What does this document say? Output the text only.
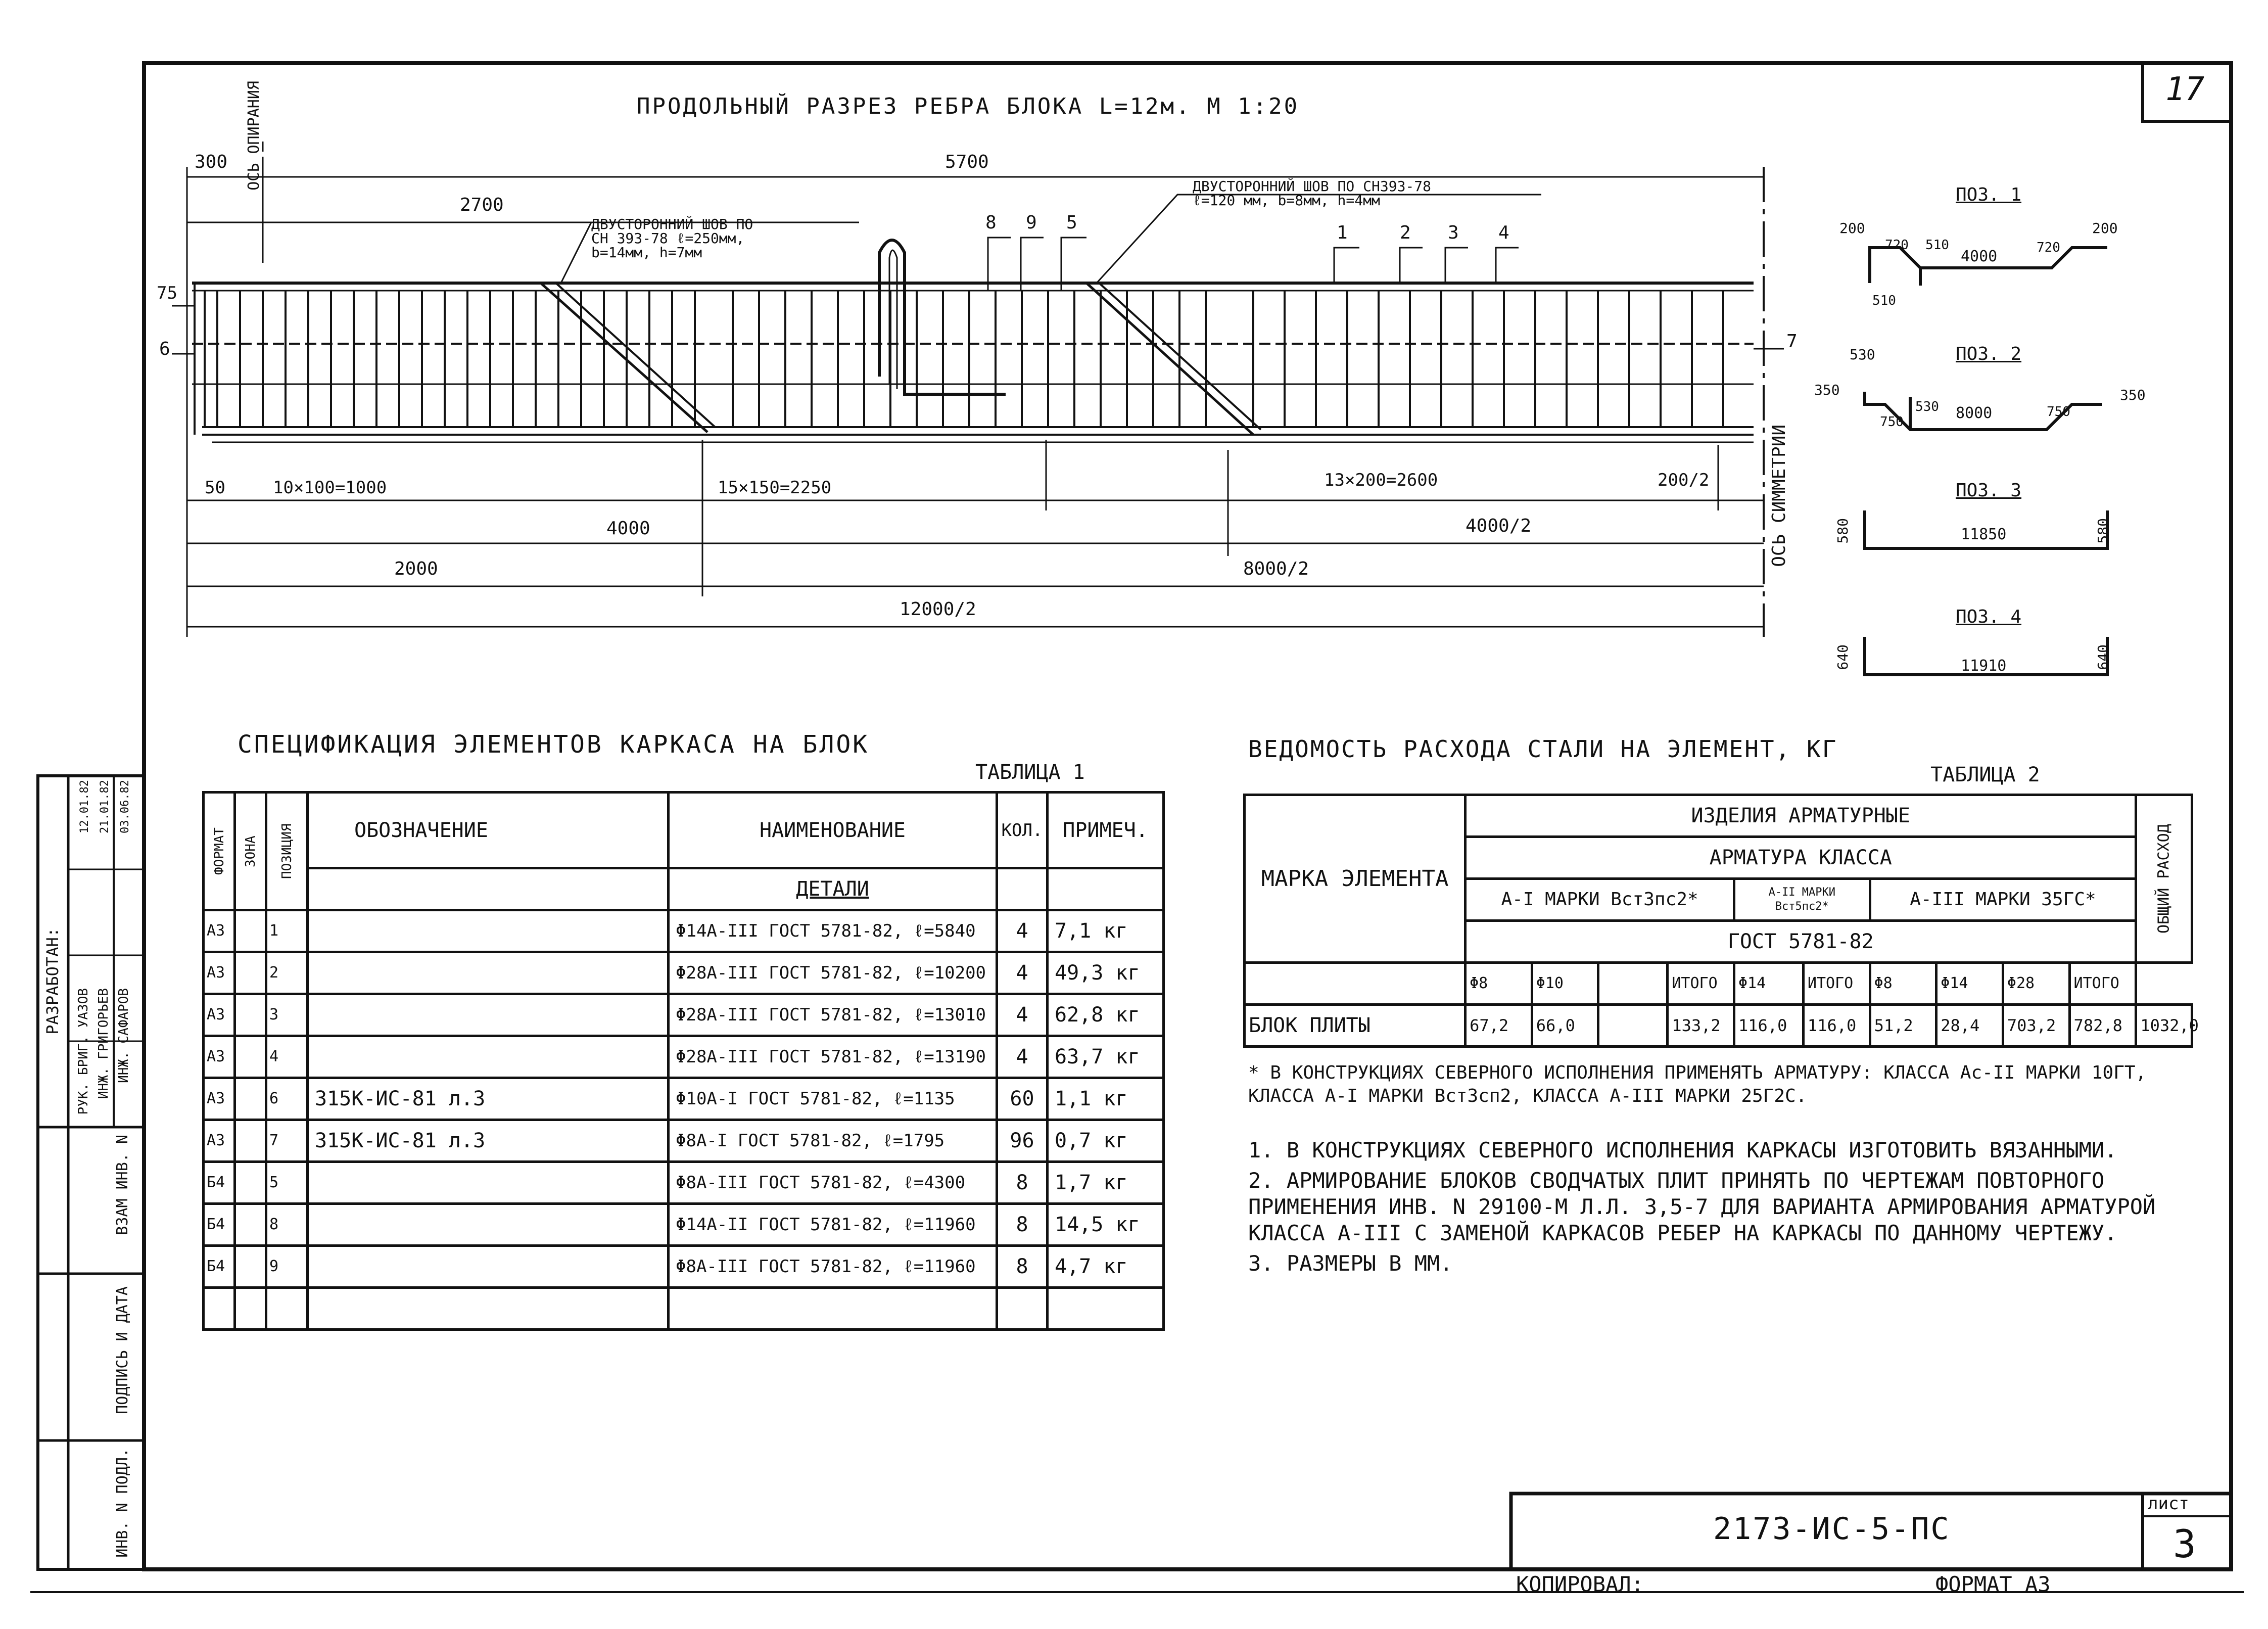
17
2173-ИС-5-ПС
лист
3
КОПИРОВАЛ:	ФОРМАТ А3
РАЗРАБОТАН:
РУК. БРИГ. УАЗОВ ИНЖ. ГРИГОРЬЕВ ИНЖ. САФАРОВ
12.01.82 21.01.82 03.06.82
ВЗАМ ИНВ. N
ПОДПИСЬ И ДАТА
ИНВ. N ПОДЛ.
ПРОДОЛЬНЫЙ РАЗРЕЗ РЕБРА БЛОКА L=12м. М 1:20
ОСЬ ОПИРАНИЯ
ОСЬ СИММЕТРИИ
300	5700
2700
75
6	7
50	10×100=1000	15×150=2250	13×200=2600	200/2
4000	4000/2
2000	8000/2
12000/2
ДВУСТОРОННИЙ ШОВ ПО
СН 393-78 ℓ=250мм,
b=14мм, h=7мм
ДВУСТОРОННИЙ ШОВ ПО СН393-78
ℓ=120 мм, b=8мм, h=4мм
8 9 5	1	2 3 4
ПОЗ. 1
200
720 510
4000	720
200
510
ПОЗ. 2
530
350
750
530 8000	750
350
ПОЗ. 3
580	11850	580
ПОЗ. 4
640	11910	640
СПЕЦИФИКАЦИЯ ЭЛЕМЕНТОВ КАРКАСА НА БЛОК
ТАБЛИЦА 1
ФОРМАТ	ЗОНА	ПОЗИЦИЯ	ОБОЗНАЧЕНИЕ	НАИМЕНОВАНИЕ	КОЛ.	ПРИМЕЧ.
				ДЕТАЛИ		
А3		1		Φ14А-III ГОСТ 5781-82, ℓ=5840	4	7,1 кг
А3		2		Φ28А-III ГОСТ 5781-82, ℓ=10200	4	49,3 кг
А3		3		Φ28А-III ГОСТ 5781-82, ℓ=13010	4	62,8 кг
А3		4		Φ28А-III ГОСТ 5781-82, ℓ=13190	4	63,7 кг
А3		6	315К-ИС-81 л.3	Φ10А-I ГОСТ 5781-82, ℓ=1135	60	1,1 кг
А3		7	315К-ИС-81 л.3	Φ8А-I ГОСТ 5781-82, ℓ=1795	96	0,7 кг
Б4		5		Φ8А-III ГОСТ 5781-82, ℓ=4300	8	1,7 кг
Б4		8		Φ14А-II ГОСТ 5781-82, ℓ=11960	8	14,5 кг
Б4		9		Φ8А-III ГОСТ 5781-82, ℓ=11960	8	4,7 кг

ВЕДОМОСТЬ РАСХОДА СТАЛИ НА ЭЛЕМЕНТ, КГ
ТАБЛИЦА 2
МАРКА ЭЛЕМЕНТА	ИЗДЕЛИЯ АРМАТУРНЫЕ										ОБЩИЙ РАСХОД
	АРМАТУРА КЛАССА										
	А-I МАРКИ Вст3пс2*				А-II МАРКИ Вст5пс2*		А-III МАРКИ 35ГС*				
	ГОСТ 5781-82										
	Φ8	Φ10		ИТОГО	Φ14	ИТОГО	Φ8	Φ14	Φ28	ИТОГО	
БЛОК ПЛИТЫ	67,2	66,0		133,2	116,0	116,0	51,2	28,4	703,2	782,8	1032,0
* В КОНСТРУКЦИЯХ СЕВЕРНОГО ИСПОЛНЕНИЯ ПРИМЕНЯТЬ АРМАТУРУ: КЛАССА Ас-II МАРКИ 10ГТ, КЛАССА А-I МАРКИ Вст3сп2, КЛАССА А-III МАРКИ 25Г2С.
1. В КОНСТРУКЦИЯХ СЕВЕРНОГО ИСПОЛНЕНИЯ КАРКАСЫ ИЗГОТОВИТЬ ВЯЗАННЫМИ.
2. АРМИРОВАНИЕ БЛОКОВ СВОДЧАТЫХ ПЛИТ ПРИНЯТЬ ПО ЧЕРТЕЖАМ ПОВТОРНОГО ПРИМЕНЕНИЯ ИНВ. N 29100-М Л.Л. 3,5-7 ДЛЯ ВАРИАНТА АРМИРОВАНИЯ АРМАТУРОЙ КЛАССА А-III С ЗАМЕНОЙ КАРКАСОВ РЕБЕР НА КАРКАСЫ ПО ДАННОМУ ЧЕРТЕЖУ.
3. РАЗМЕРЫ В ММ.
